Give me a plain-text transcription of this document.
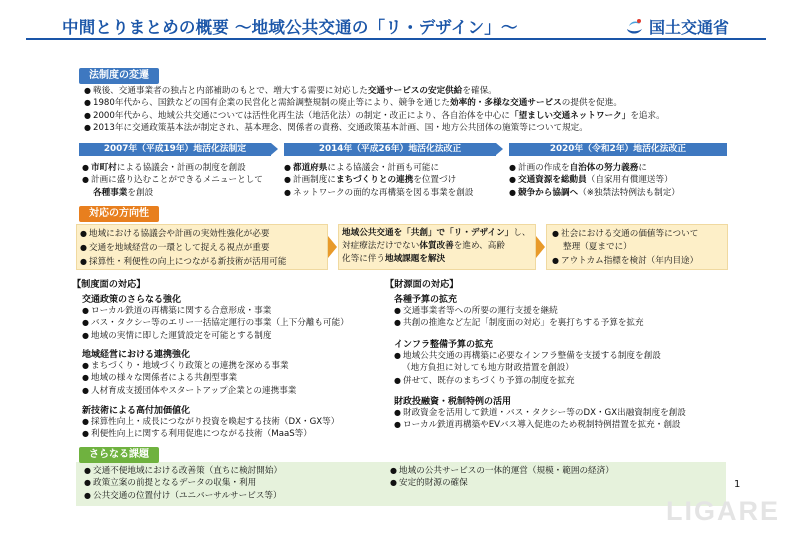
中間とりまとめの概要 ～地域公共交通の「リ・デザイン」～	国土交通省
法制度の変遷
● 戦後、交通事業者の独占と内部補助のもとで、増大する需要に対応した交通サービスの安定供給を確保。
● 1980年代から、国鉄などの国有企業の民営化と需給調整規制の廃止等により、競争を通じた効率的・多様な交通サービスの提供を促進。
● 2000年代から、地域公共交通については活性化再生法（地活化法）の制定・改正により、各自治体を中心に「望ましい交通ネットワーク」を追求。
● 2013年に交通政策基本法が制定され、基本理念、関係者の責務、交通政策基本計画、国・地方公共団体の施策等について規定。
2007年（平成19年）地活化法制定	2014年（平成26年）地活化法改正	2020年（令和2年）地活化法改正
● 市町村による協議会・計画の制度を創設
● 計画に盛り込むことができるメニューとして
各種事業を創設
● 都道府県による協議会・計画も可能に
● 計画制度にまちづくりとの連携を位置づけ
● ネットワークの面的な再構築を図る事業を創設
● 計画の作成を自治体の努力義務に
● 交通資源を総動員（自家用有償運送等）
● 競争から協調へ（※独禁法特例法も制定）
対応の方向性
● 地域における協議会や計画の実効性強化が必要
● 交通を地域経営の一環として捉える視点が重要
● 採算性・利便性の向上につながる新技術が活用可能
地域公共交通を「共創」で「リ・デザイン」し、
対症療法だけでない体質改善を進め、高齢
化等に伴う地域課題を解決
● 社会における交通の価値等について
整理（夏までに）
● アウトカム指標を検討（年内目途）
【制度面の対応】
交通政策のさらなる強化
● ローカル鉄道の再構築に関する合意形成・事業
● バス・タクシー等のエリー一括協定運行の事業（上下分離も可能）
● 地域の実情に即した運賃設定を可能とする制度
地域経営における連携強化
● まちづくり・地域づくり政策との連携を深める事業
● 地域の様々な関係者による共創型事業
● 人材育成支援団体やスタートアップ企業との連携事業
新技術による高付加価値化
● 採算性向上・成長につながり投資を喚起する技術（DX・GX等）
● 利便性向上に関する利用促進につながる技術（MaaS等）
【財源面の対応】
各種予算の拡充
● 交通事業者等への所要の運行支援を継続
● 共創の推進など左記「制度面の対応」を裏打ちする予算を拡充
インフラ整備予算の拡充
● 地域公共交通の再構築に必要なインフラ整備を支援する制度を創設
（地方負担に対しても地方財政措置を創設）
● 併せて、既存のまちづくり予算の制度を拡充
財政投融資・税制特例の活用
● 財政資金を活用して鉄道・バス・タクシー等のDX・GX出融資制度を創設
● ローカル鉄道再構築やEVバス導入促進のため税制特例措置を拡充・創設
さらなる課題
● 交通不便地域における改善策（直ちに検討開始）
● 政策立案の前提となるデータの収集・利用
● 公共交通の位置付け（ユニバーサルサービス等）
● 地域の公共サービスの一体的運営（規模・範囲の経済）
● 安定的財源の確保	1
LIGARE
